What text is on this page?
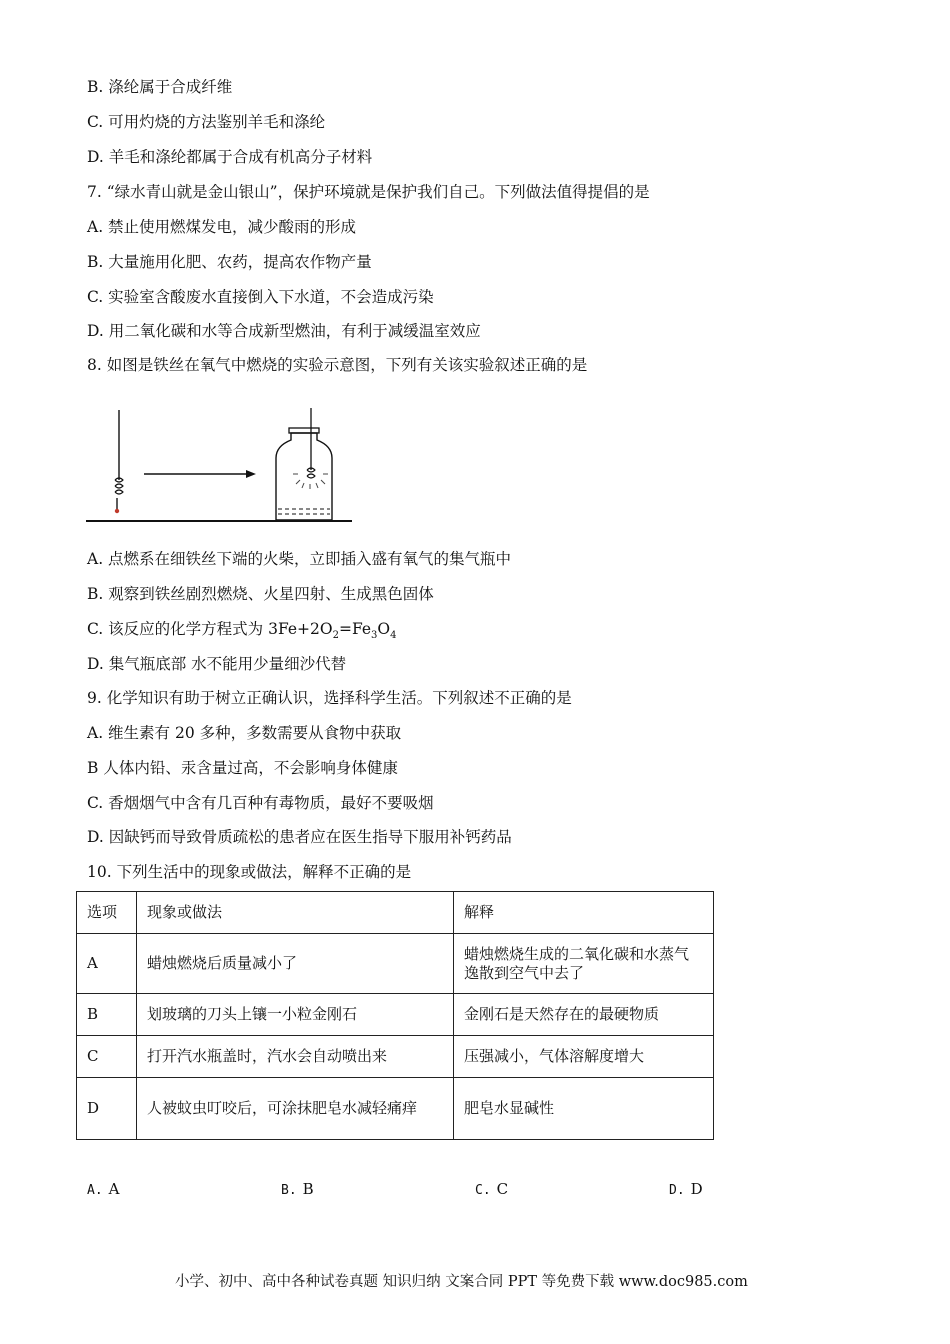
B. 涤纶属于合成纤维
C. 可用灼烧的方法鉴别羊毛和涤纶
D. 羊毛和涤纶都属于合成有机高分子材料
7. “绿水青山就是金山银山”，保护环境就是保护我们自己。下列做法值得提倡的是
A. 禁止使用燃煤发电，减少酸雨的形成
B. 大量施用化肥、农药，提高农作物产量
C. 实验室含酸废水直接倒入下水道，不会造成污染
D. 用二氧化碳和水等合成新型燃油，有利于减缓温室效应
8. 如图是铁丝在氧气中燃烧的实验示意图，下列有关该实验叙述正确的是
A. 点燃系在细铁丝下端的火柴，立即插入盛有氧气的集气瓶中
B. 观察到铁丝剧烈燃烧、火星四射、生成黑色固体
C. 该反应的化学方程式为 $3Fe+2O_2=Fe_3O_4$
D. 集气瓶底部 水不能用少量细沙代替
9. 化学知识有助于树立正确认识，选择科学生活。下列叙述不正确的是
A. 维生素有 20 多种，多数需要从食物中获取
B 人体内铅、汞含量过高，不会影响身体健康
C. 香烟烟气中含有几百种有毒物质，最好不要吸烟
D. 因缺钙而导致骨质疏松的患者应在医生指导下服用补钙药品
10. 下列生活中的现象或做法，解释不正确的是
选项	现象或做法	解释
A	蜡烛燃烧后质量减小了	蜡烛燃烧生成的二氧化碳和水蒸气逸散到空气中去了
B	划玻璃的刀头上镶一小粒金刚石	金刚石是天然存在的最硬物质
C	打开汽水瓶盖时，汽水会自动喷出来	压强减小，气体溶解度增大
D	人被蚊虫叮咬后，可涂抹肥皂水减轻痛痒	肥皂水显碱性
A. A	B. B	C. C	D. D
小学、初中、高中各种试卷真题 知识归纳 文案合同 PPT 等免费下载 www.doc985.com
